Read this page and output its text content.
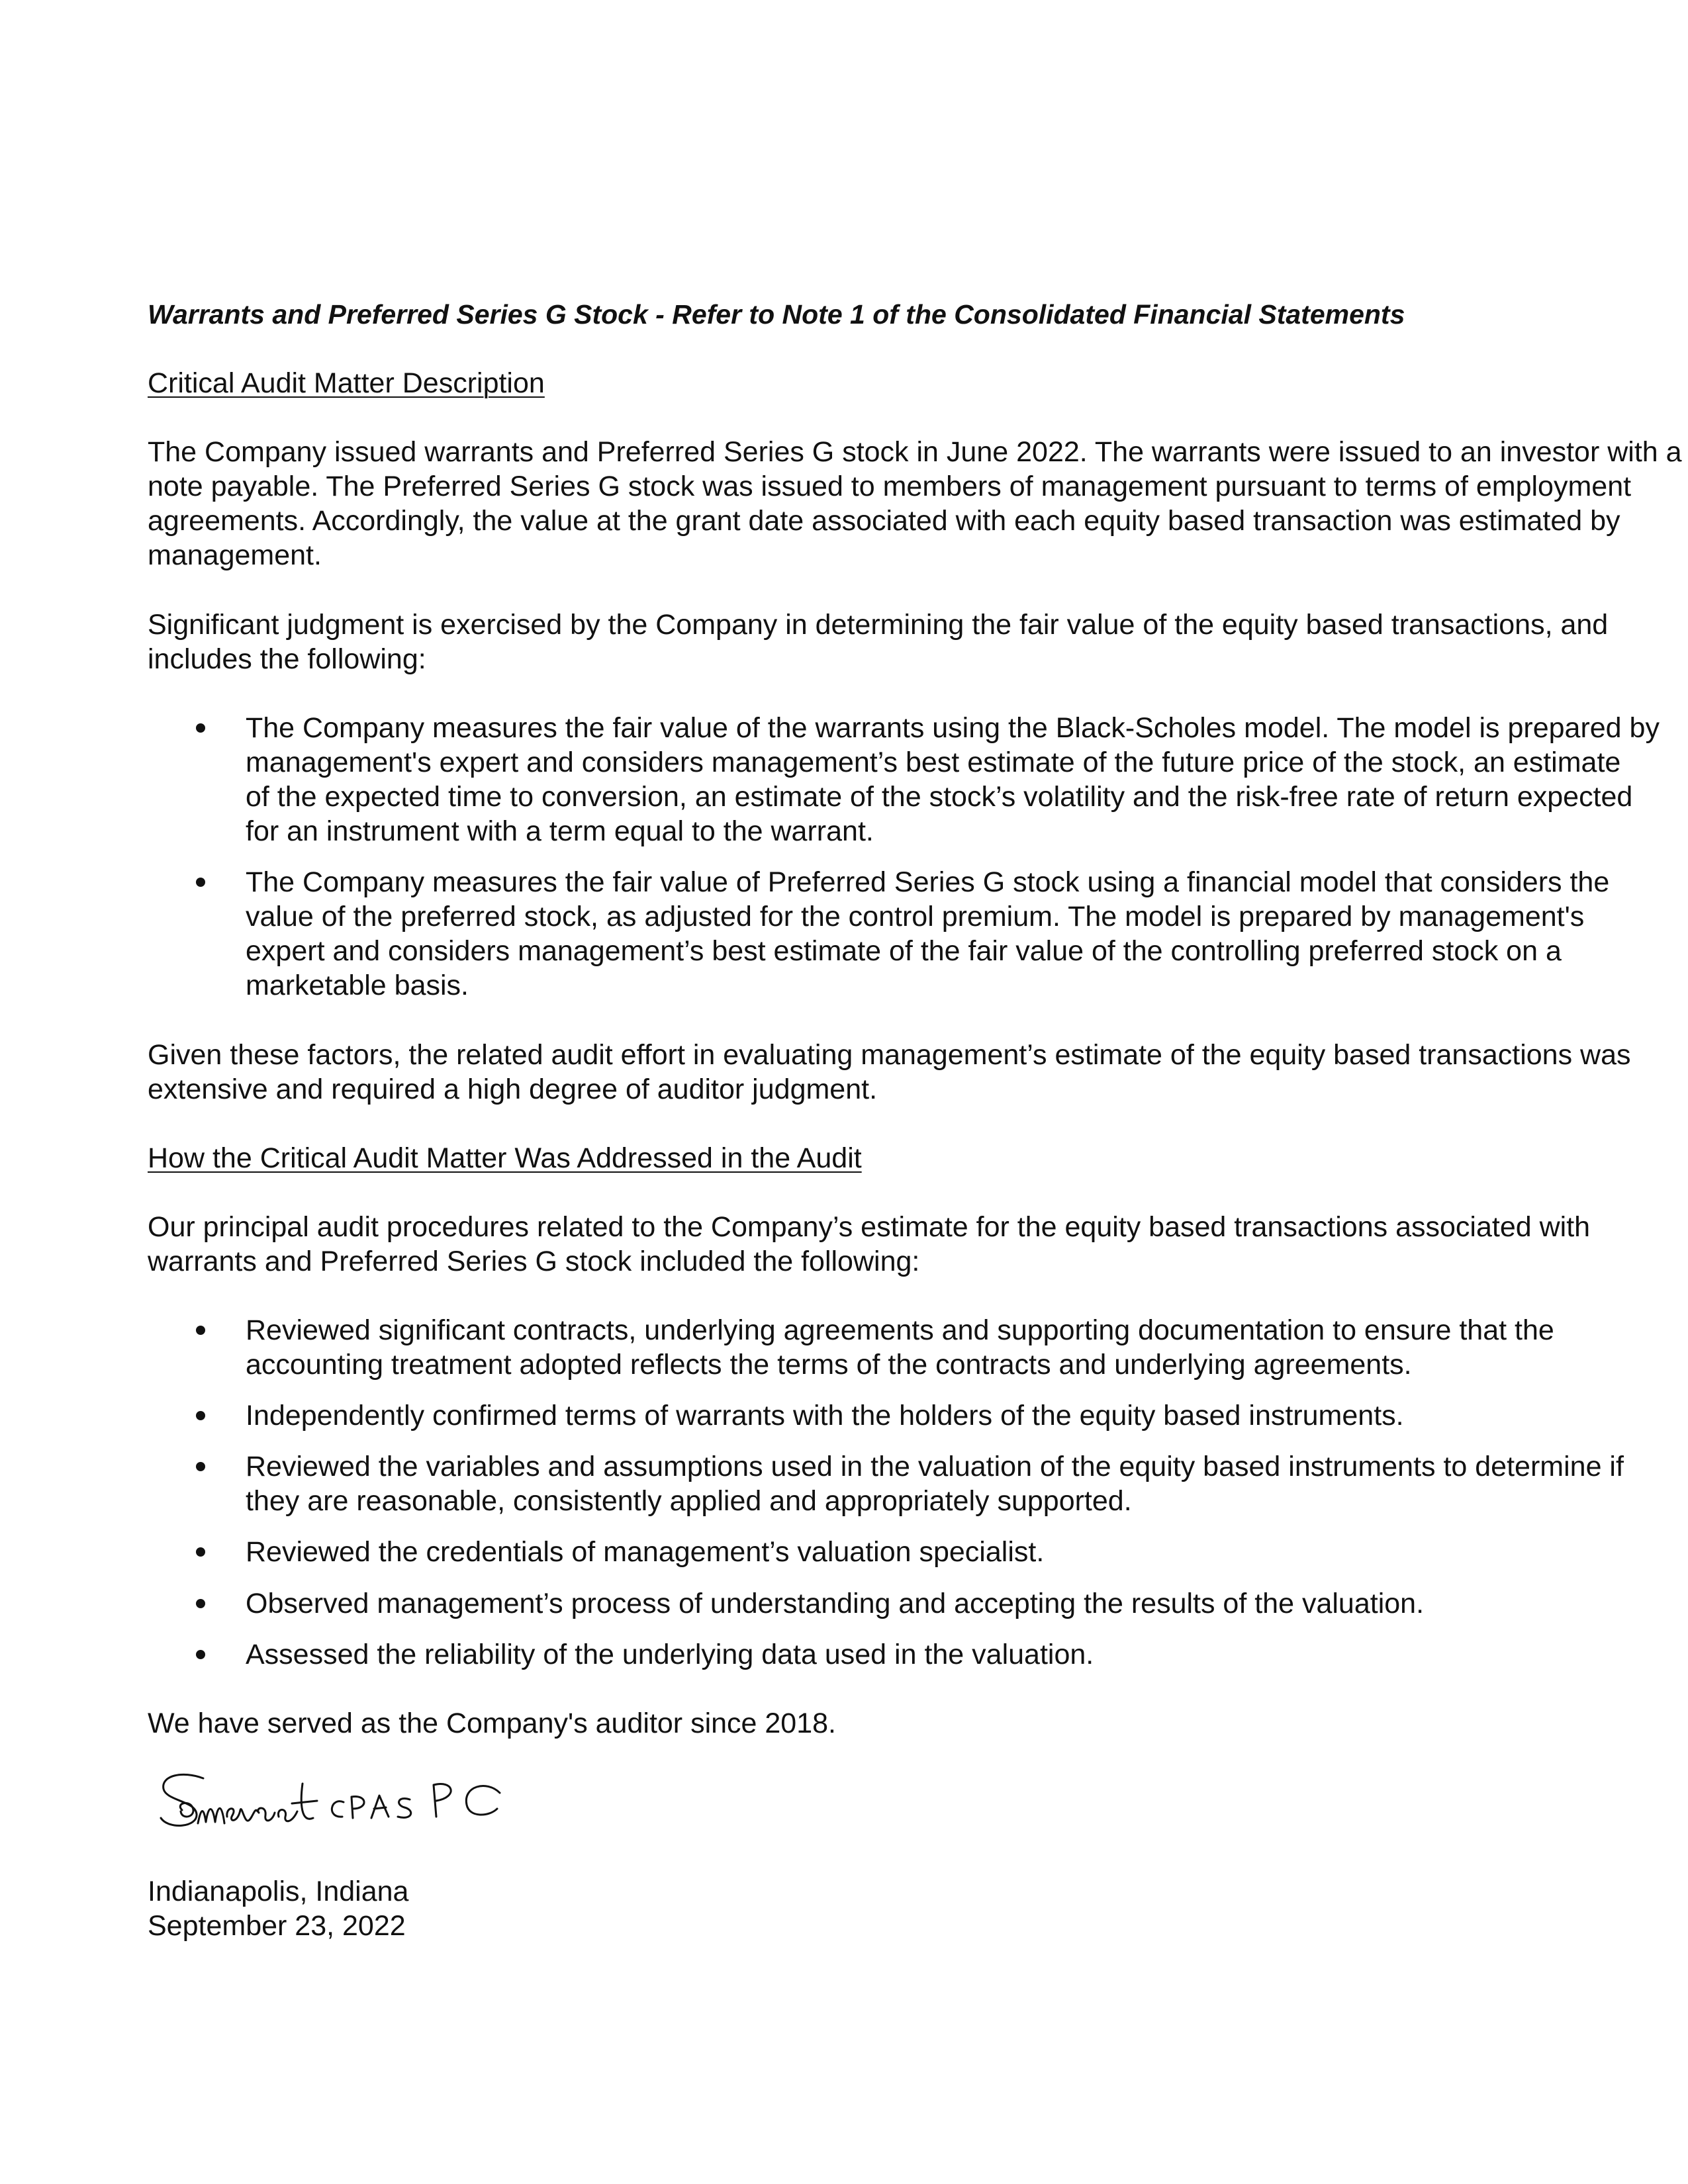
Warrants and Preferred Series G Stock - Refer to Note 1 of the Consolidated Financial Statements
Critical Audit Matter Description
The Company issued warrants and Preferred Series G stock in June 2022. The warrants were issued to an investor with a
note payable. The Preferred Series G stock was issued to members of management pursuant to terms of employment
agreements. Accordingly, the value at the grant date associated with each equity based transaction was estimated by
management.
Significant judgment is exercised by the Company in determining the fair value of the equity based transactions, and
includes the following:
The Company measures the fair value of the warrants using the Black-Scholes model. The model is prepared by
management's expert and considers management’s best estimate of the future price of the stock, an estimate
of the expected time to conversion, an estimate of the stock’s volatility and the risk-free rate of return expected
for an instrument with a term equal to the warrant.
The Company measures the fair value of Preferred Series G stock using a financial model that considers the
value of the preferred stock, as adjusted for the control premium. The model is prepared by management's
expert and considers management’s best estimate of the fair value of the controlling preferred stock on a
marketable basis.
Given these factors, the related audit effort in evaluating management’s estimate of the equity based transactions was
extensive and required a high degree of auditor judgment.
How the Critical Audit Matter Was Addressed in the Audit
Our principal audit procedures related to the Company’s estimate for the equity based transactions associated with
warrants and Preferred Series G stock included the following:
Reviewed significant contracts, underlying agreements and supporting documentation to ensure that the
accounting treatment adopted reflects the terms of the contracts and underlying agreements.
Independently confirmed terms of warrants with the holders of the equity based instruments.
Reviewed the variables and assumptions used in the valuation of the equity based instruments to determine if
they are reasonable, consistently applied and appropriately supported.
Reviewed the credentials of management’s valuation specialist.
Observed management’s process of understanding and accepting the results of the valuation.
Assessed the reliability of the underlying data used in the valuation.
We have served as the Company's auditor since 2018.
Indianapolis, Indiana
September 23, 2022
